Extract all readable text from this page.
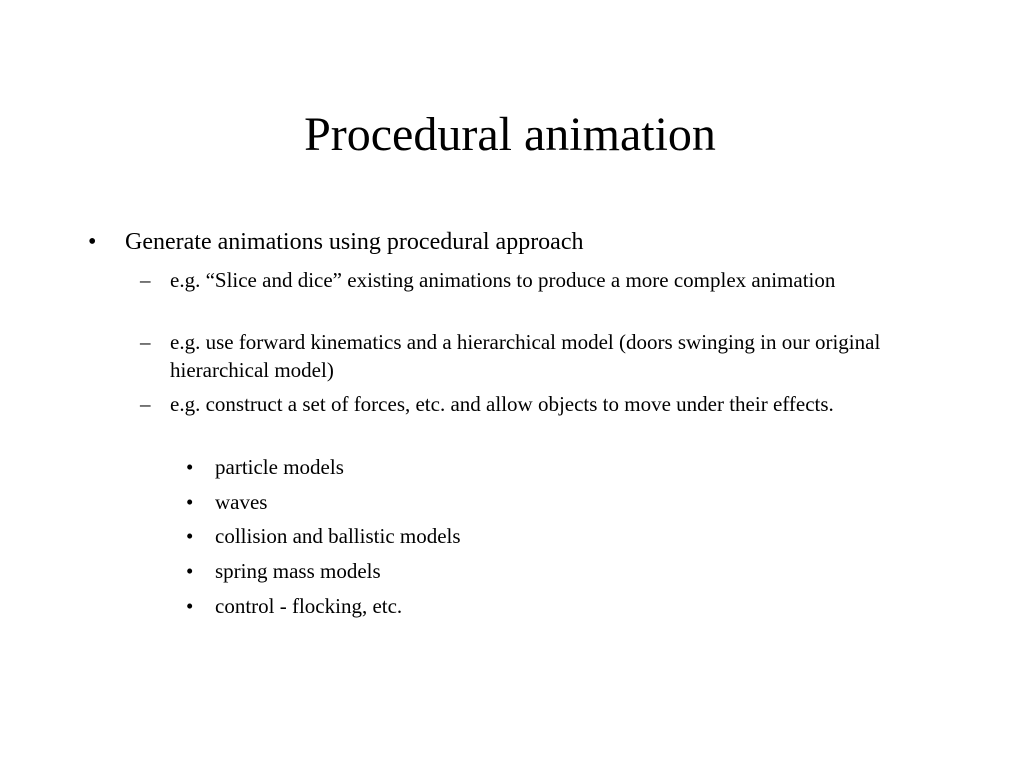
Procedural animation
• Generate animations using procedural approach
– e.g. “Slice and dice” existing animations to produce a more complex animation
– e.g. use forward kinematics and a hierarchical model (doors swinging in our original hierarchical model)
– e.g. construct a set of forces, etc. and allow objects to move under their effects.
• particle models
• waves
• collision and ballistic models
• spring mass models
• control - flocking, etc.
